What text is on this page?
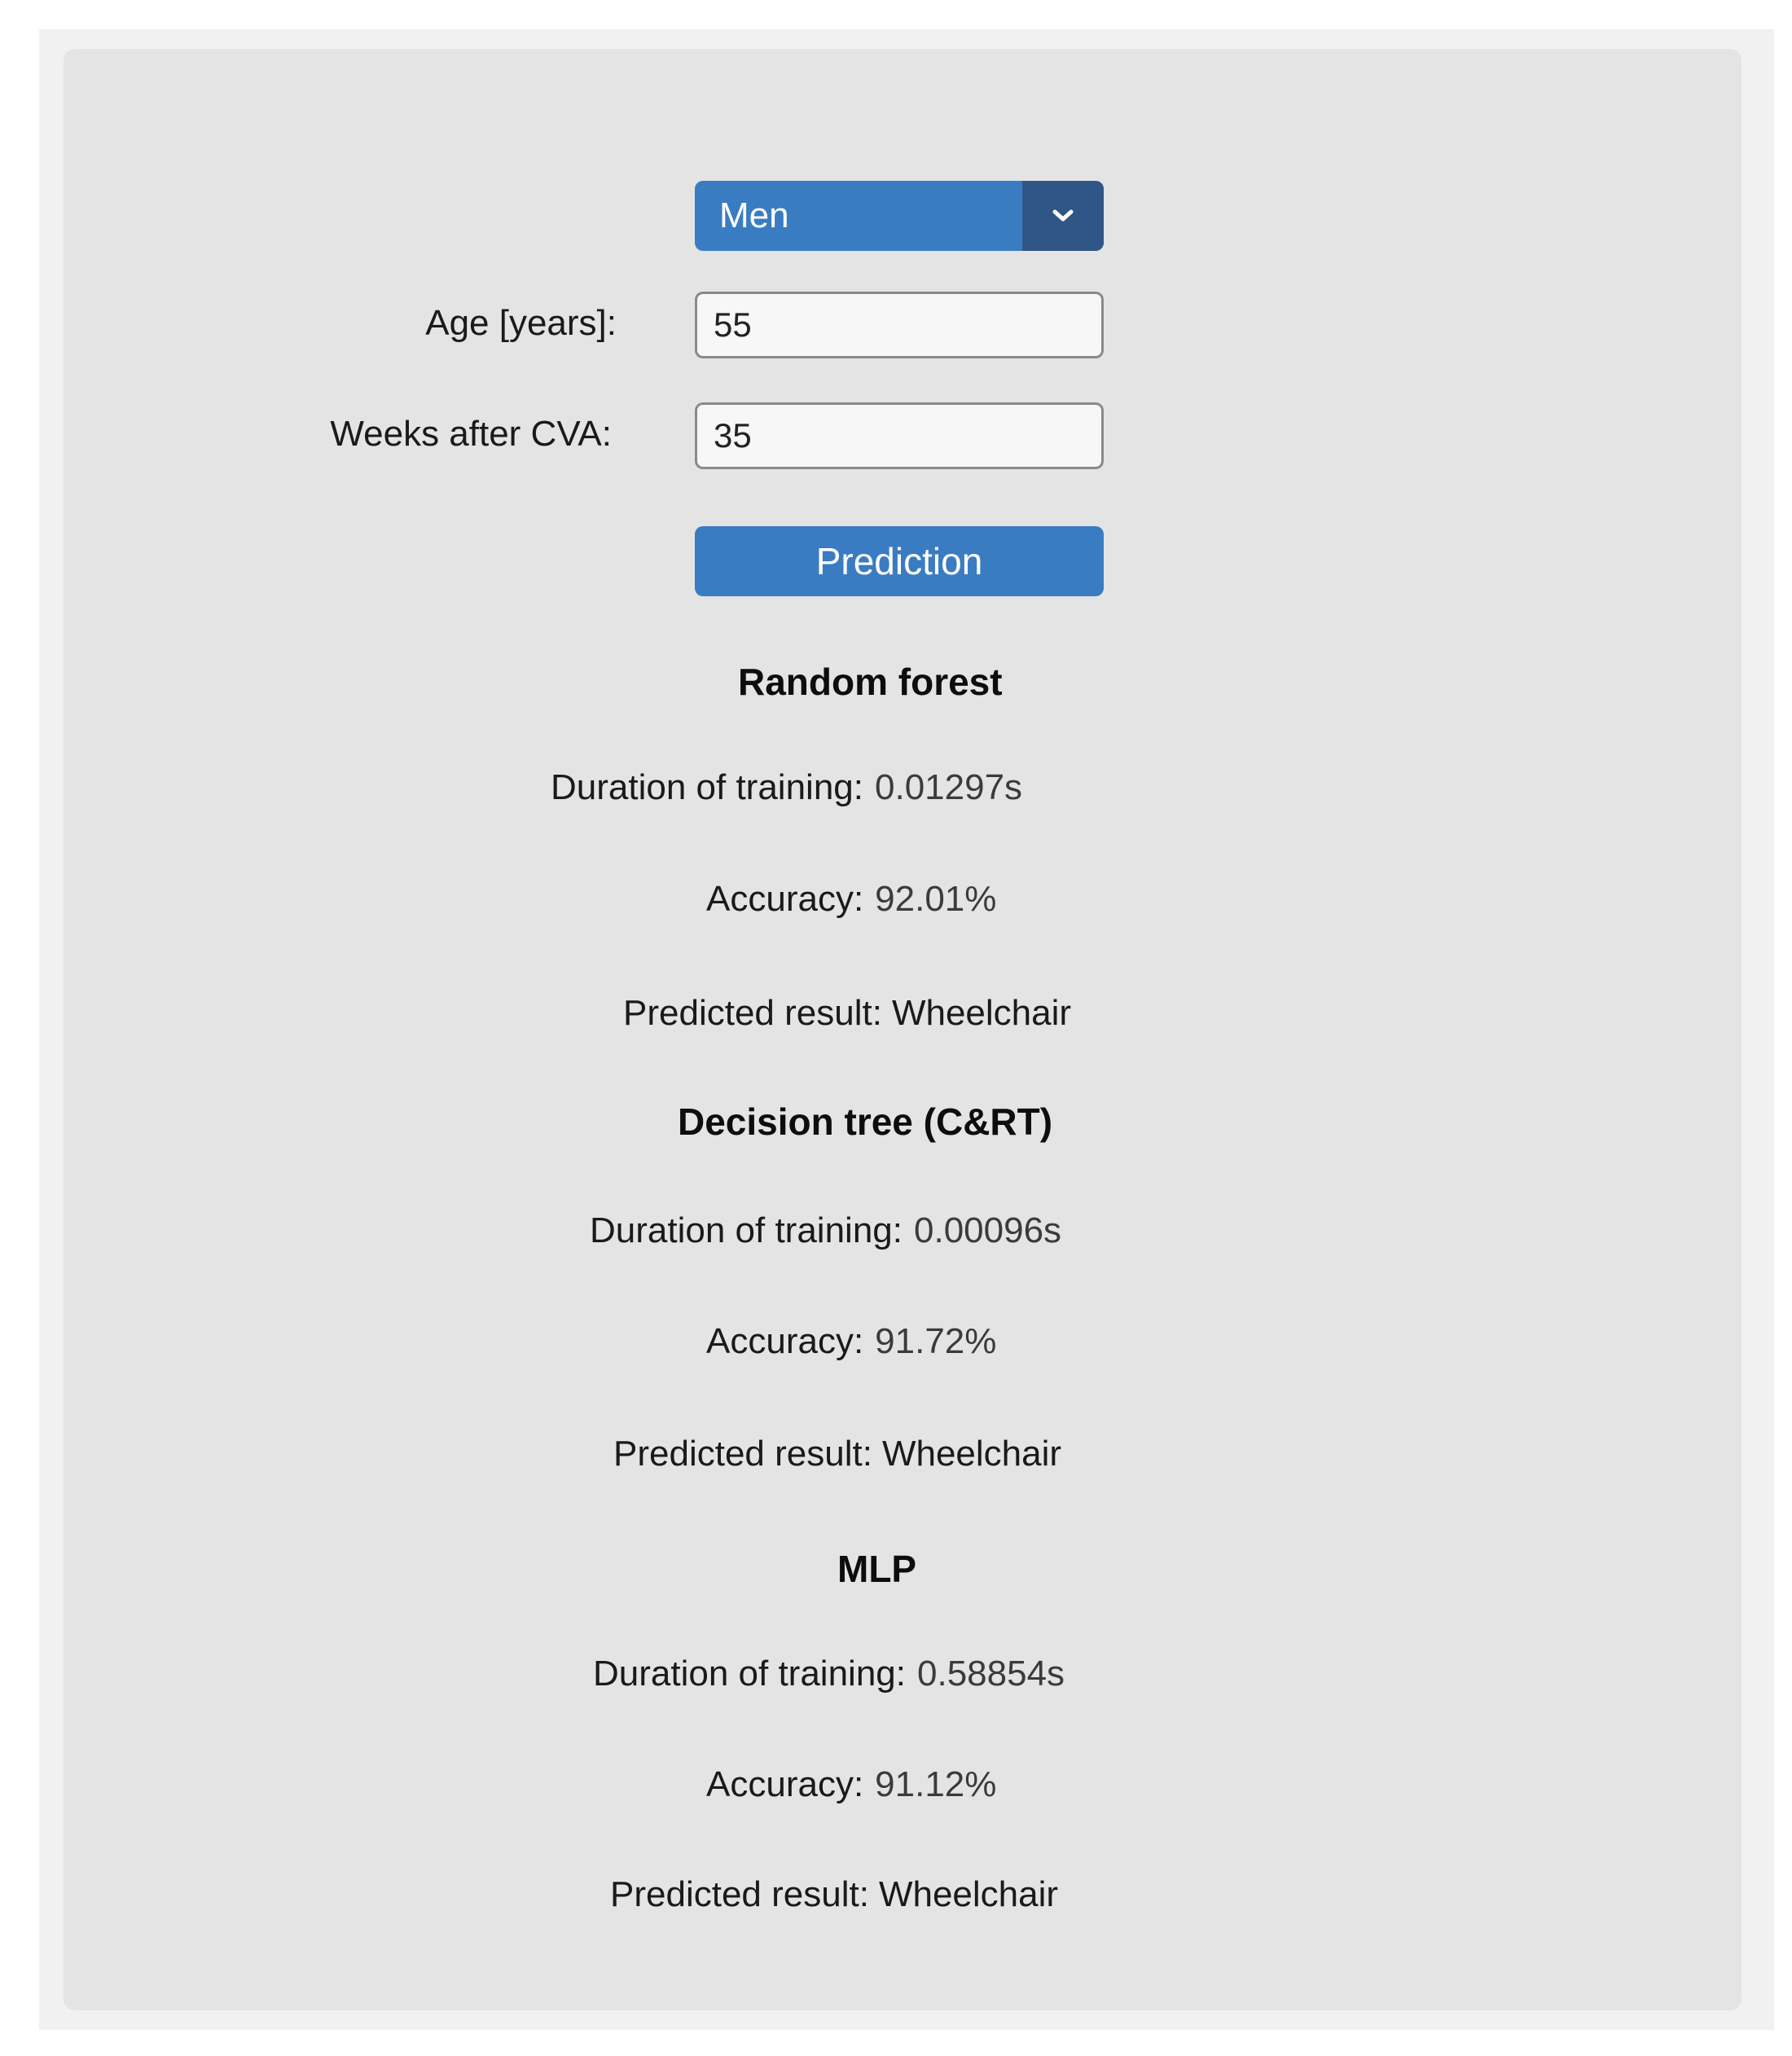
Men
Age [years]:
55
Weeks after CVA:
35
Prediction
Random forest
Duration of training: 0.01297s
Accuracy: 92.01%
Predicted result: Wheelchair
Decision tree (C&RT)
Duration of training: 0.00096s
Accuracy: 91.72%
Predicted result: Wheelchair
MLP
Duration of training: 0.58854s
Accuracy: 91.12%
Predicted result: Wheelchair
